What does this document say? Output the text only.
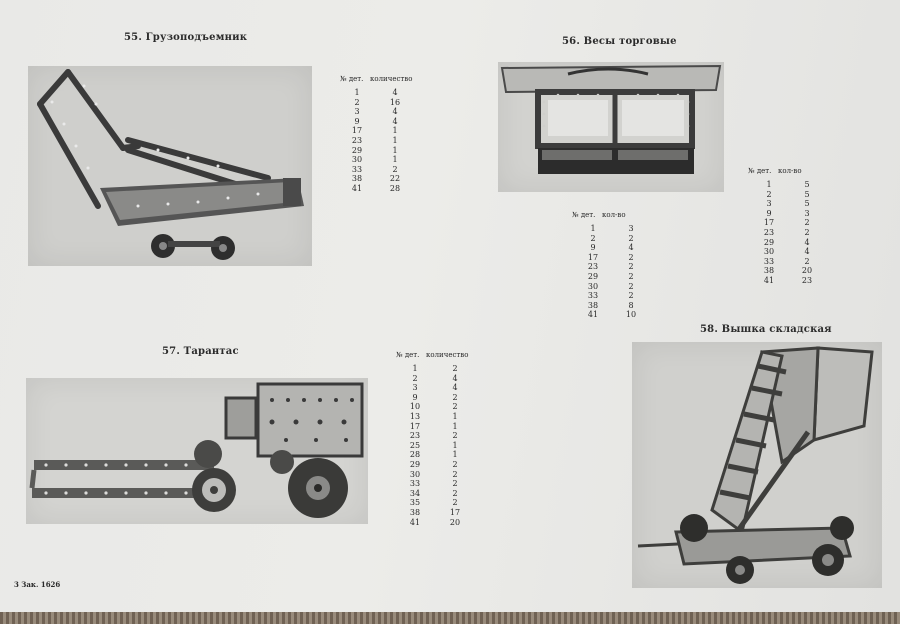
55. Грузоподъемник
№ дет. количество
1	4
2	16
3	4
9	4
17	1
23	1
29	1
30	1
33	2
38	22
41	28
56. Весы торговые
№ дет. кол-во
1	3
2	2
9	4
17	2
23	2
29	2
30	2
33	2
38	8
41	10
№ дет. кол-во
1	5
2	5
3	5
9	3
17	2
23	2
29	4
30	4
33	2
38	20
41	23
57. Тарантас	№ дет. количество
1	2
2	4
3	4
9	2
10	2
13	1
17	1
23	2
25	1
28	1
29	2
30	2
33	2
34	2
35	2
38	17
41	20
58. Вышка складская
3 Зак. 1626
